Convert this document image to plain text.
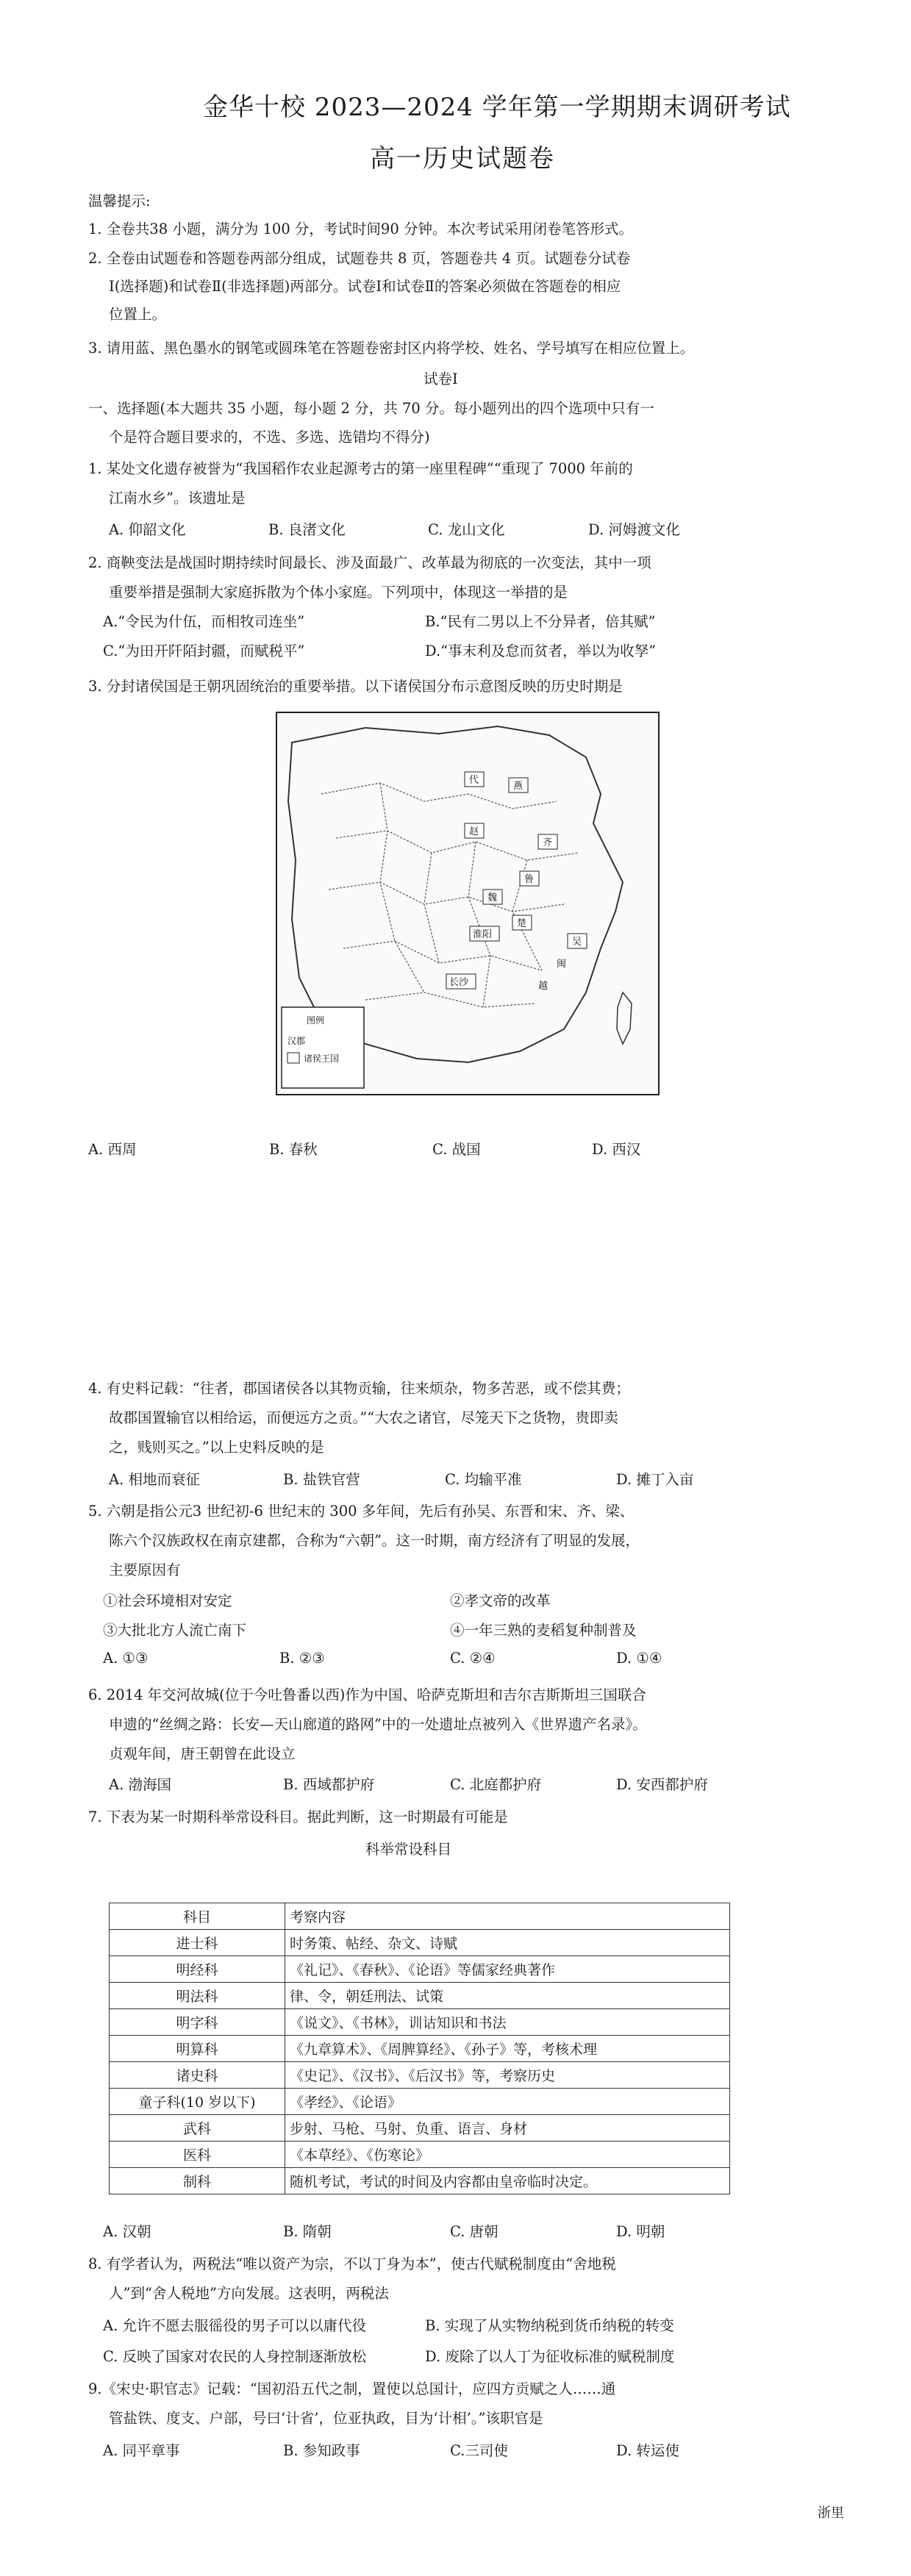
金华十校 2023—2024 学年第一学期期末调研考试
高一历史试题卷
温馨提示:
1. 全卷共38 小题，满分为 100 分，考试时间90 分钟。本次考试采用闭卷笔答形式。
2. 全卷由试题卷和答题卷两部分组成，试题卷共 8 页，答题卷共 4 页。试题卷分试卷
Ⅰ(选择题)和试卷Ⅱ(非选择题)两部分。试卷Ⅰ和试卷Ⅱ的答案必须做在答题卷的相应
位置上。
3. 请用蓝、黑色墨水的钢笔或圆珠笔在答题卷密封区内将学校、姓名、学号填写在相应位置上。
试卷Ⅰ
一、选择题(本大题共 35 小题，每小题 2 分，共 70 分。每小题列出的四个选项中只有一
个是符合题目要求的，不选、多选、选错均不得分)
1. 某处文化遗存被誉为“我国稻作农业起源考古的第一座里程碑”“重现了 7000 年前的
江南水乡”。该遗址是
A. 仰韶文化	B. 良渚文化	C. 龙山文化	D. 河姆渡文化
2. 商鞅变法是战国时期持续时间最长、涉及面最广、改革最为彻底的一次变法，其中一项
重要举措是强制大家庭拆散为个体小家庭。下列项中，体现这一举措的是
A.“令民为什伍，而相牧司连坐”	B.“民有二男以上不分异者，倍其赋”
C.“为田开阡陌封疆，而赋税平”	D.“事末利及怠而贫者，举以为收孥”
3. 分封诸侯国是王朝巩固统治的重要举措。以下诸侯国分布示意图反映的历史时期是
代
燕
赵
齐
鲁
魏
楚
淮阳
吴
长沙	越
闽
图例
汉郡
诸侯王国
A. 西周	B. 春秋	C. 战国	D. 西汉
4. 有史料记载：“往者，郡国诸侯各以其物贡输，往来烦杂，物多苦恶，或不偿其费；
故郡国置输官以相给运，而便远方之贡。”“大农之诸官，尽笼天下之货物，贵即卖
之，贱则买之。”以上史料反映的是
A. 相地而衰征	B. 盐铁官营	C. 均输平准	D. 摊丁入亩
5. 六朝是指公元3 世纪初-6 世纪末的 300 多年间，先后有孙吴、东晋和宋、齐、梁、
陈六个汉族政权在南京建都，合称为“六朝”。这一时期，南方经济有了明显的发展，
主要原因有
①社会环境相对安定	②孝文帝的改革
③大批北方人流亡南下	④一年三熟的麦稻复种制普及
A. ①③	B. ②③	C. ②④	D. ①④
6. 2014 年交河故城(位于今吐鲁番以西)作为中国、哈萨克斯坦和吉尔吉斯斯坦三国联合
申遗的“丝绸之路：长安—天山廊道的路网”中的一处遗址点被列入《世界遗产名录》。
贞观年间，唐王朝曾在此设立
A. 渤海国	B. 西域都护府	C. 北庭都护府	D. 安西都护府
7. 下表为某一时期科举常设科目。据此判断，这一时期最有可能是
科举常设科目
科目	考察内容
进士科	时务策、帖经、杂文、诗赋
明经科	《礼记》、《春秋》、《论语》等儒家经典著作
明法科	律、令，朝廷刑法、试策
明字科	《说文》、《书林》，训诂知识和书法
明算科	《九章算术》、《周脾算经》、《孙子》等，考核术理
诸史科	《史记》、《汉书》、《后汉书》等，考察历史
童子科(10 岁以下)	《孝经》、《论语》
武科	步射、马枪、马射、负重、语言、身材
医科	《本草经》、《伤寒论》
制科	随机考试，考试的时间及内容都由皇帝临时决定。
A. 汉朝	B. 隋朝	C. 唐朝	D. 明朝
8. 有学者认为，两税法“唯以资产为宗，不以丁身为本”，使古代赋税制度由“舍地税
人”到“舍人税地”方向发展。这表明，两税法
A. 允许不愿去服徭役的男子可以以庸代役	B. 实现了从实物纳税到货币纳税的转变
C. 反映了国家对农民的人身控制逐渐放松	D. 废除了以人丁为征收标准的赋税制度
9.《宋史·职官志》记载：“国初沿五代之制，置使以总国计，应四方贡赋之人……通
管盐铁、度支、户部，号曰‘计省’，位亚执政，目为‘计相’。”该职官是
A. 同平章事	B. 参知政事	C.三司使	D. 转运使
浙里
